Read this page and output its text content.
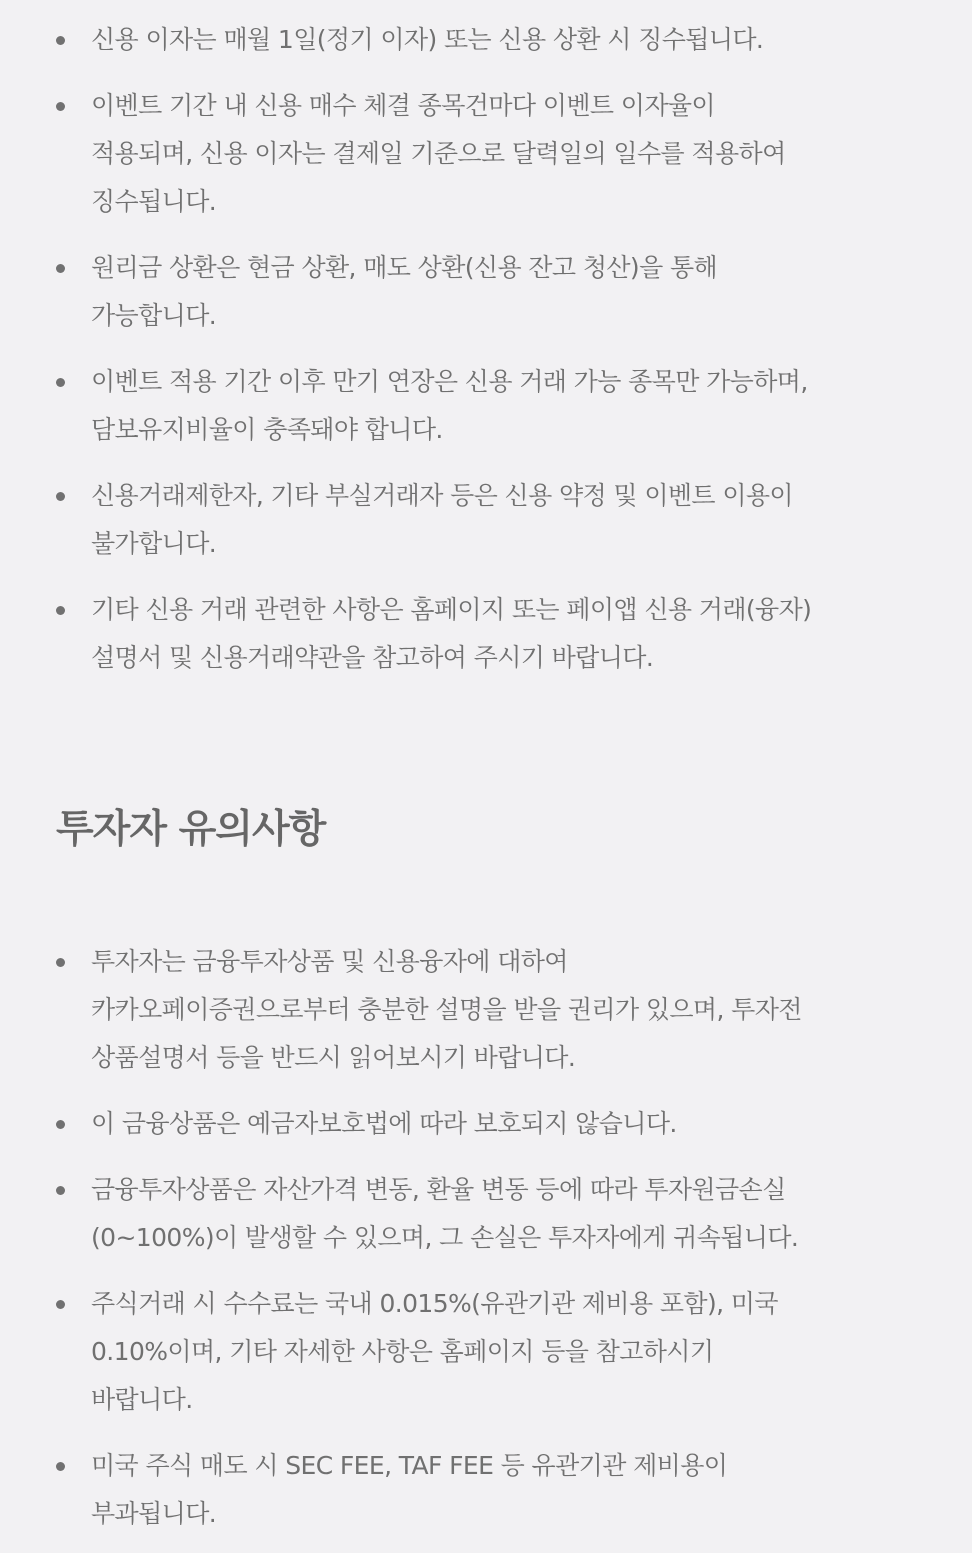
신용 이자는 매월 1일(정기 이자) 또는 신용 상환 시 징수됩니다.
이벤트 기간 내 신용 매수 체결 종목건마다 이벤트 이자율이
적용되며, 신용 이자는 결제일 기준으로 달력일의 일수를 적용하여
징수됩니다.
원리금 상환은 현금 상환, 매도 상환(신용 잔고 청산)을 통해
가능합니다.
이벤트 적용 기간 이후 만기 연장은 신용 거래 가능 종목만 가능하며,
담보유지비율이 충족돼야 합니다.
신용거래제한자, 기타 부실거래자 등은 신용 약정 및 이벤트 이용이
불가합니다.
기타 신용 거래 관련한 사항은 홈페이지 또는 페이앱 신용 거래(융자)
설명서 및 신용거래약관을 참고하여 주시기 바랍니다.
투자자 유의사항
투자자는 금융투자상품 및 신용융자에 대하여
카카오페이증권으로부터 충분한 설명을 받을 권리가 있으며, 투자전
상품설명서 등을 반드시 읽어보시기 바랍니다.
이 금융상품은 예금자보호법에 따라 보호되지 않습니다.
금융투자상품은 자산가격 변동, 환율 변동 등에 따라 투자원금손실
(0~100%)이 발생할 수 있으며, 그 손실은 투자자에게 귀속됩니다.
주식거래 시 수수료는 국내 0.015%(유관기관 제비용 포함), 미국
0.10%이며, 기타 자세한 사항은 홈페이지 등을 참고하시기
바랍니다.
미국 주식 매도 시 SEC FEE, TAF FEE 등 유관기관 제비용이
부과됩니다.
